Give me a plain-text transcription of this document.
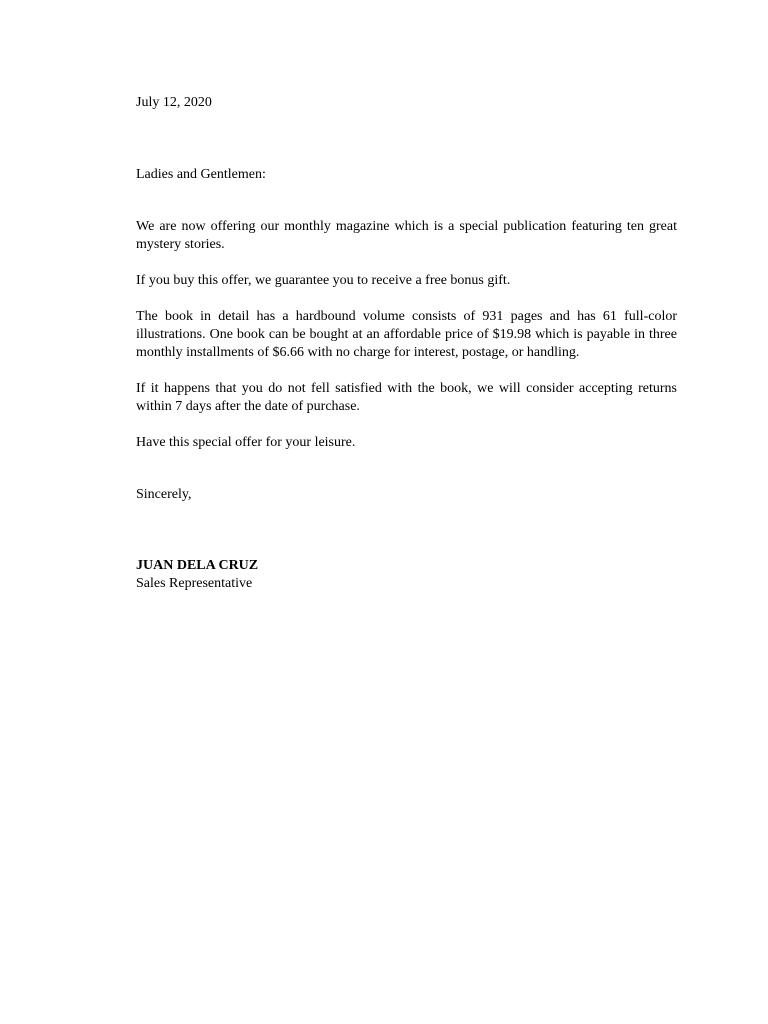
July 12, 2020

Ladies and Gentlemen:

We are now offering our monthly magazine which is a special publication featuring ten great mystery stories.

If you buy this offer, we guarantee you to receive a free bonus gift.

The book in detail has a hardbound volume consists of 931 pages and has 61 full-color illustrations. One book can be bought at an affordable price of $19.98 which is payable in three monthly installments of $6.66 with no charge for interest, postage, or handling.

If it happens that you do not fell satisfied with the book, we will consider accepting returns within 7 days after the date of purchase.

Have this special offer for your leisure.

Sincerely,

JUAN DELA CRUZ

Sales Representative
